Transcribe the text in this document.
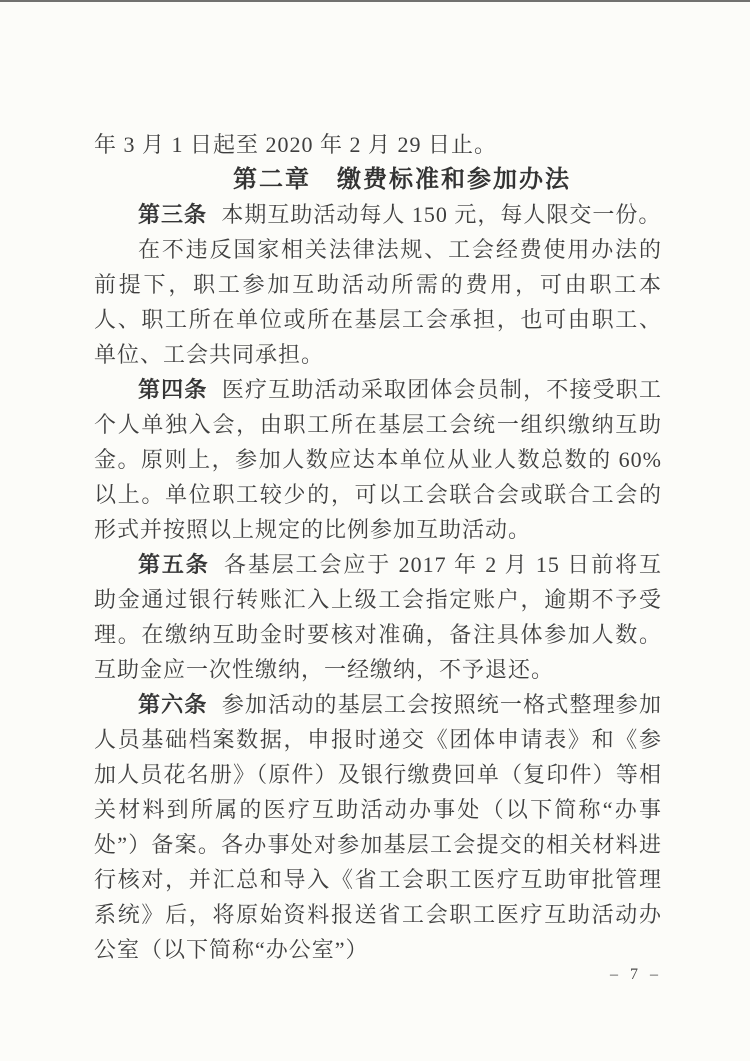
年 3 月 1 日起至 2020 年 2 月 29 日止。

第二章　缴费标准和参加办法

第三条 本期互助活动每人 150 元，每人限交一份。

在不违反国家相关法律法规、工会经费使用办法的前提下，职工参加互助活动所需的费用，可由职工本人、职工所在单位或所在基层工会承担，也可由职工、单位、工会共同承担。

第四条 医疗互助活动采取团体会员制，不接受职工个人单独入会，由职工所在基层工会统一组织缴纳互助金。原则上，参加人数应达本单位从业人数总数的 60%以上。单位职工较少的，可以工会联合会或联合工会的形式并按照以上规定的比例参加互助活动。

第五条 各基层工会应于 2017 年 2 月 15 日前将互助金通过银行转账汇入上级工会指定账户，逾期不予受理。在缴纳互助金时要核对准确，备注具体参加人数。互助金应一次性缴纳，一经缴纳，不予退还。

第六条 参加活动的基层工会按照统一格式整理参加人员基础档案数据，申报时递交《团体申请表》和《参加人员花名册》（原件）及银行缴费回单（复印件）等相关材料到所属的医疗互助活动办事处（以下简称“办事处”）备案。各办事处对参加基层工会提交的相关材料进行核对，并汇总和导入《省工会职工医疗互助审批管理系统》后，将原始资料报送省工会职工医疗互助活动办公室（以下简称“办公室”）

– 7 –
